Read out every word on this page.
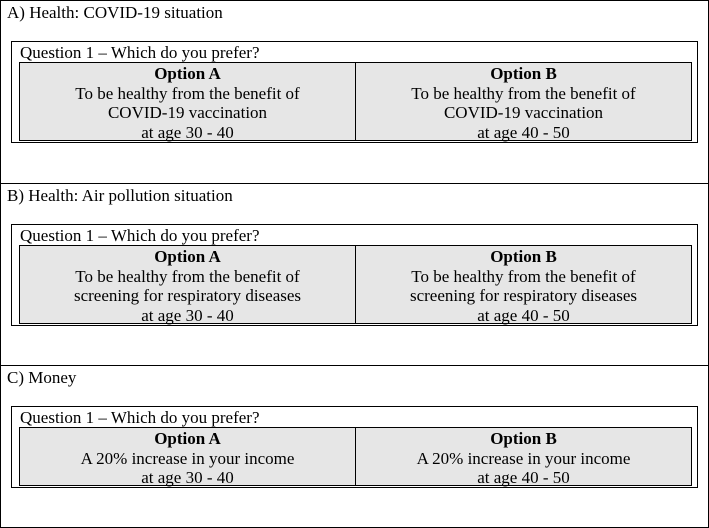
A) Health: COVID-19 situation
Question 1 – Which do you prefer?
Option A
To be healthy from the benefit of
COVID-19 vaccination
at age 30 - 40
Option B
To be healthy from the benefit of
COVID-19 vaccination
at age 40 - 50
B) Health: Air pollution situation
Question 1 – Which do you prefer?
Option A
To be healthy from the benefit of
screening for respiratory diseases
at age 30 - 40
Option B
To be healthy from the benefit of
screening for respiratory diseases
at age 40 - 50
C) Money
Question 1 – Which do you prefer?
Option A
A 20% increase in your income
at age 30 - 40
Option B
A 20% increase in your income
at age 40 - 50
